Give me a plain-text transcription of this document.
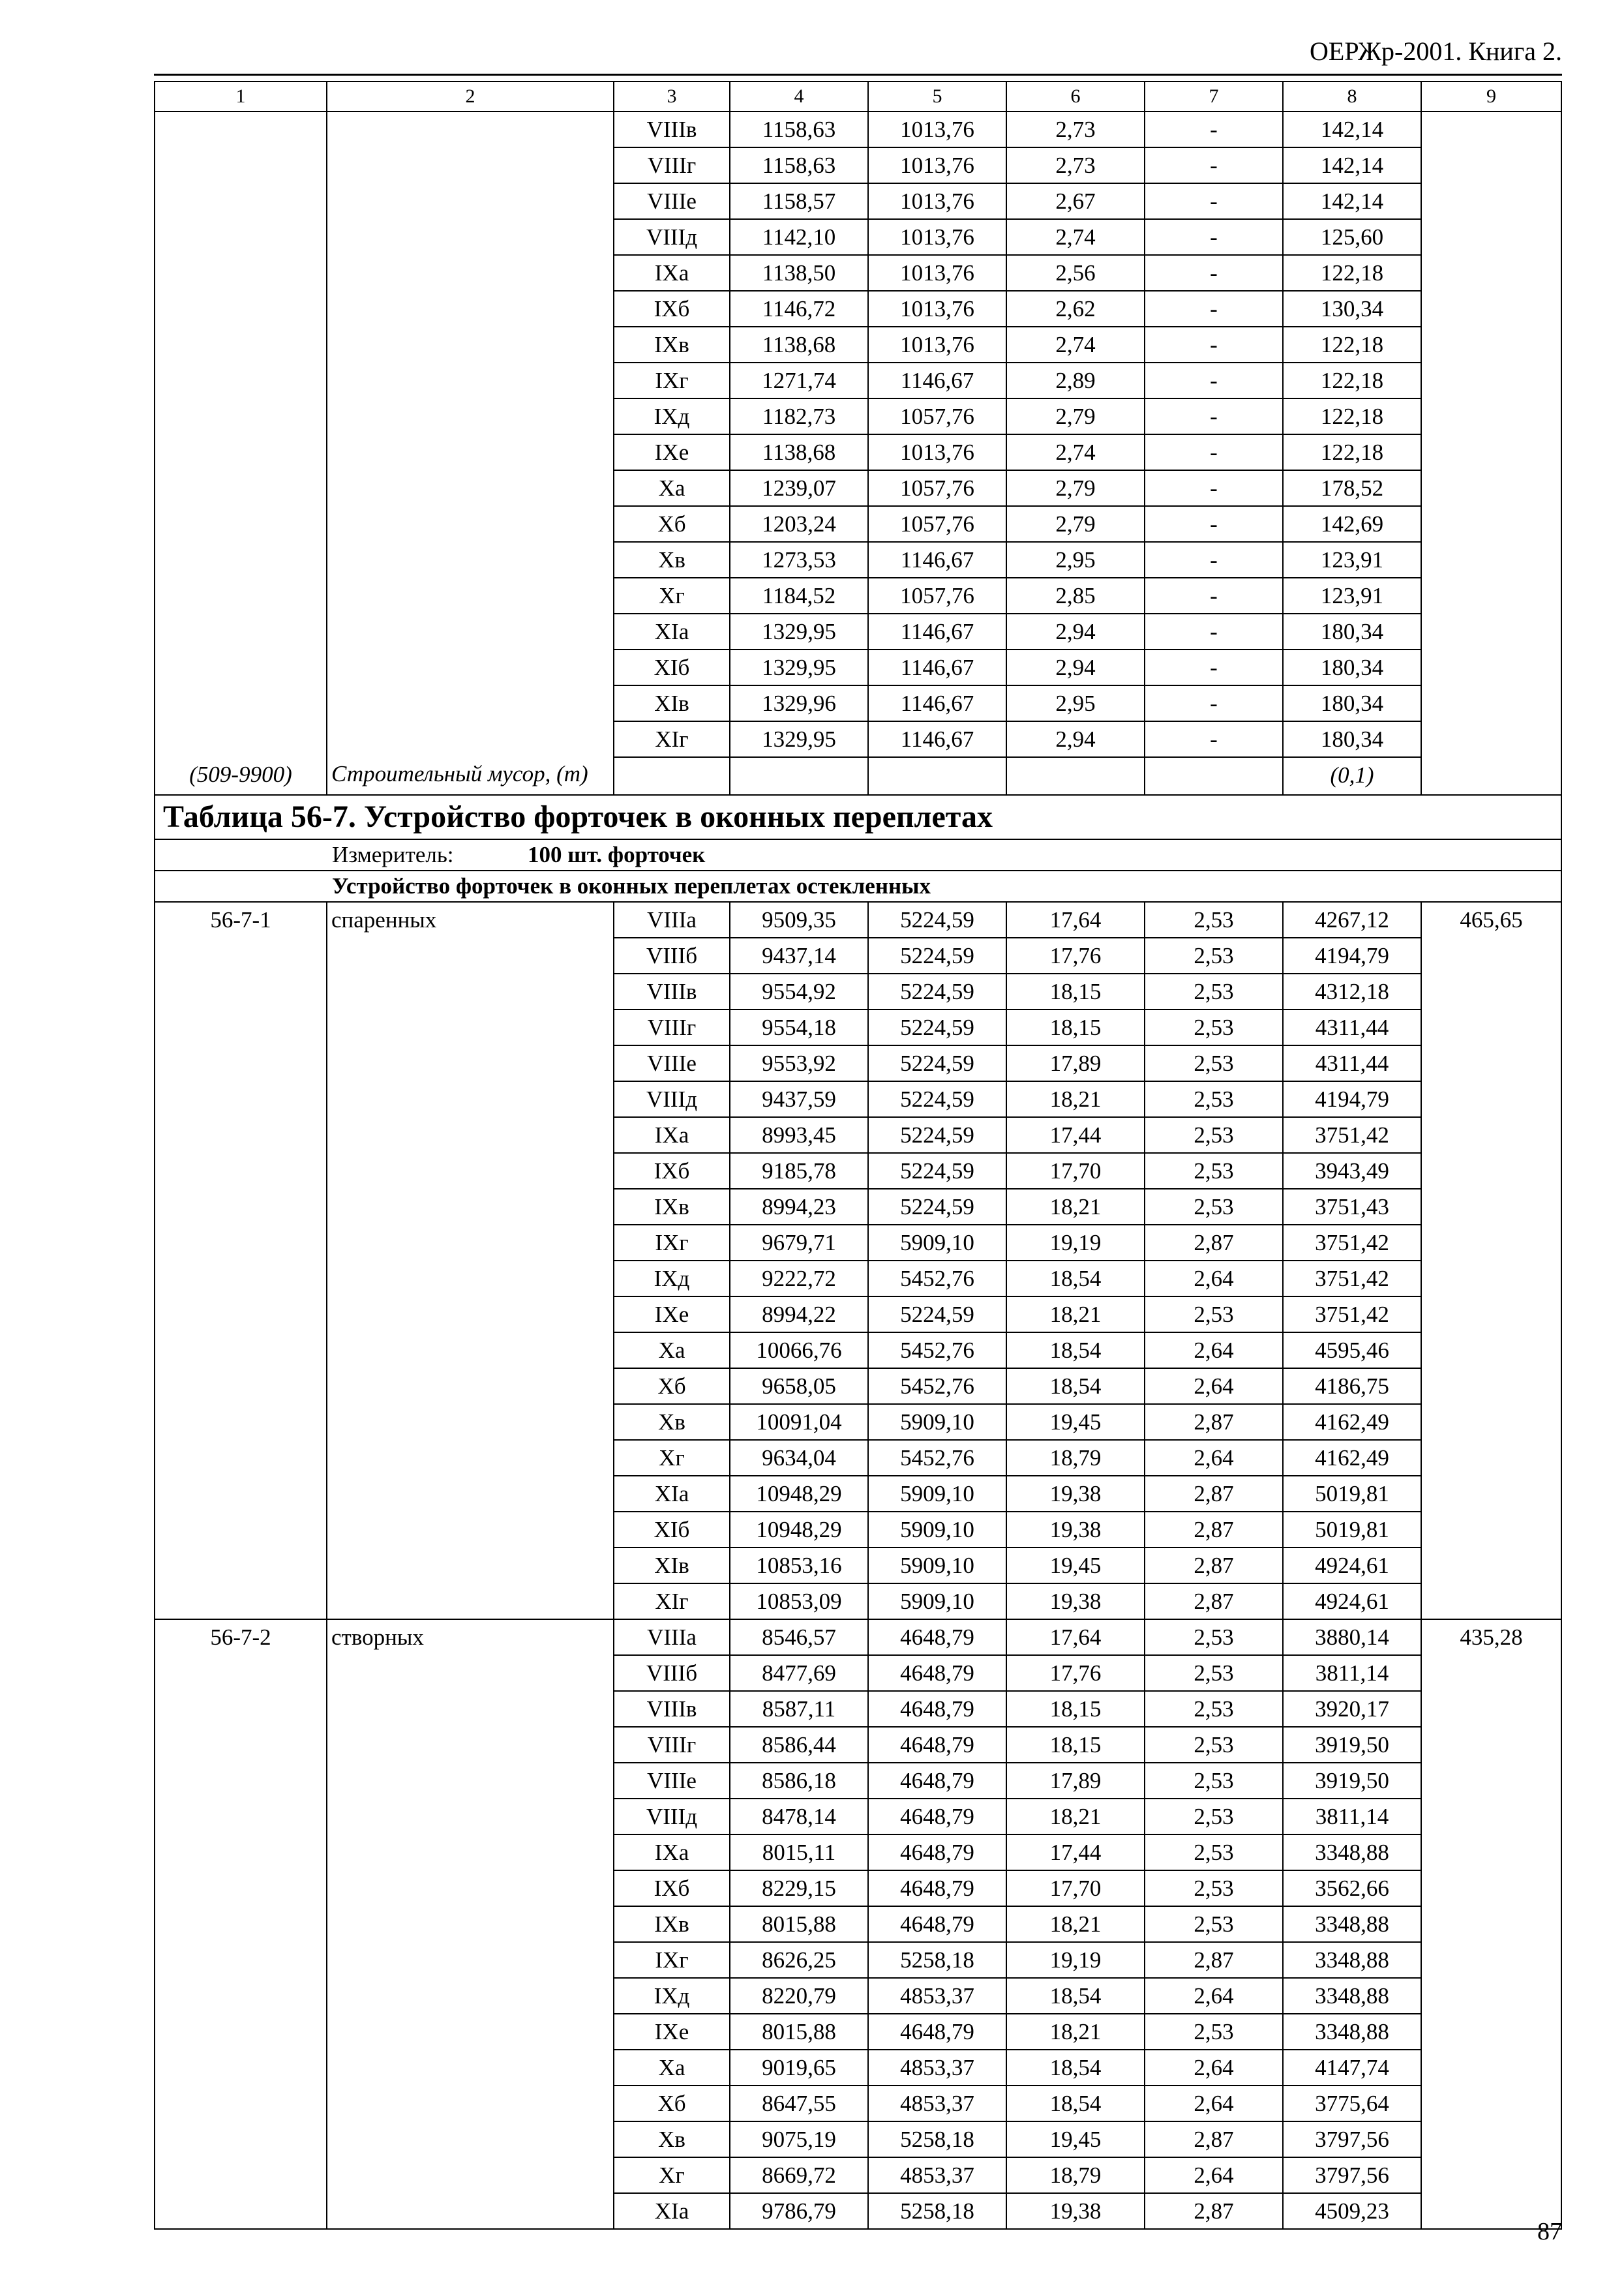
ОЕРЖр-2001. Книга 2.
1	2	3	4	5	6	7	8	9
		VIIIв	1158,63	1013,76	2,73	-	142,14	
		VIIIг	1158,63	1013,76	2,73	-	142,14	
		VIIIе	1158,57	1013,76	2,67	-	142,14	
		VIIIд	1142,10	1013,76	2,74	-	125,60	
		IXа	1138,50	1013,76	2,56	-	122,18	
		IXб	1146,72	1013,76	2,62	-	130,34	
		IXв	1138,68	1013,76	2,74	-	122,18	
		IXг	1271,74	1146,67	2,89	-	122,18	
		IXд	1182,73	1057,76	2,79	-	122,18	
		IXе	1138,68	1013,76	2,74	-	122,18	
		Xа	1239,07	1057,76	2,79	-	178,52	
		Xб	1203,24	1057,76	2,79	-	142,69	
		Xв	1273,53	1146,67	2,95	-	123,91	
		Xг	1184,52	1057,76	2,85	-	123,91	
		XIа	1329,95	1146,67	2,94	-	180,34	
		XIб	1329,95	1146,67	2,94	-	180,34	
		XIв	1329,96	1146,67	2,95	-	180,34	
		XIг	1329,95	1146,67	2,94	-	180,34	
(509-9900)	Строительный мусор, (т)						(0,1)	
Таблица 56-7. Устройство форточек в оконных переплетах								
Измеритель: 100 шт. форточек								
Устройство форточек в оконных переплетах остекленных								
56-7-1	спаренных	VIIIа	9509,35	5224,59	17,64	2,53	4267,12	465,65
		VIIIб	9437,14	5224,59	17,76	2,53	4194,79	
		VIIIв	9554,92	5224,59	18,15	2,53	4312,18	
		VIIIг	9554,18	5224,59	18,15	2,53	4311,44	
		VIIIе	9553,92	5224,59	17,89	2,53	4311,44	
		VIIIд	9437,59	5224,59	18,21	2,53	4194,79	
		IXа	8993,45	5224,59	17,44	2,53	3751,42	
		IXб	9185,78	5224,59	17,70	2,53	3943,49	
		IXв	8994,23	5224,59	18,21	2,53	3751,43	
		IXг	9679,71	5909,10	19,19	2,87	3751,42	
		IXд	9222,72	5452,76	18,54	2,64	3751,42	
		IXе	8994,22	5224,59	18,21	2,53	3751,42	
		Xа	10066,76	5452,76	18,54	2,64	4595,46	
		Xб	9658,05	5452,76	18,54	2,64	4186,75	
		Xв	10091,04	5909,10	19,45	2,87	4162,49	
		Xг	9634,04	5452,76	18,79	2,64	4162,49	
		XIа	10948,29	5909,10	19,38	2,87	5019,81	
		XIб	10948,29	5909,10	19,38	2,87	5019,81	
		XIв	10853,16	5909,10	19,45	2,87	4924,61	
		XIг	10853,09	5909,10	19,38	2,87	4924,61	
56-7-2	створных	VIIIа	8546,57	4648,79	17,64	2,53	3880,14	435,28
		VIIIб	8477,69	4648,79	17,76	2,53	3811,14	
		VIIIв	8587,11	4648,79	18,15	2,53	3920,17	
		VIIIг	8586,44	4648,79	18,15	2,53	3919,50	
		VIIIе	8586,18	4648,79	17,89	2,53	3919,50	
		VIIIд	8478,14	4648,79	18,21	2,53	3811,14	
		IXа	8015,11	4648,79	17,44	2,53	3348,88	
		IXб	8229,15	4648,79	17,70	2,53	3562,66	
		IXв	8015,88	4648,79	18,21	2,53	3348,88	
		IXг	8626,25	5258,18	19,19	2,87	3348,88	
		IXд	8220,79	4853,37	18,54	2,64	3348,88	
		IXе	8015,88	4648,79	18,21	2,53	3348,88	
		Xа	9019,65	4853,37	18,54	2,64	4147,74	
		Xб	8647,55	4853,37	18,54	2,64	3775,64	
		Xв	9075,19	5258,18	19,45	2,87	3797,56	
		Xг	8669,72	4853,37	18,79	2,64	3797,56	
		XIа	9786,79	5258,18	19,38	2,87	4509,23	
87
